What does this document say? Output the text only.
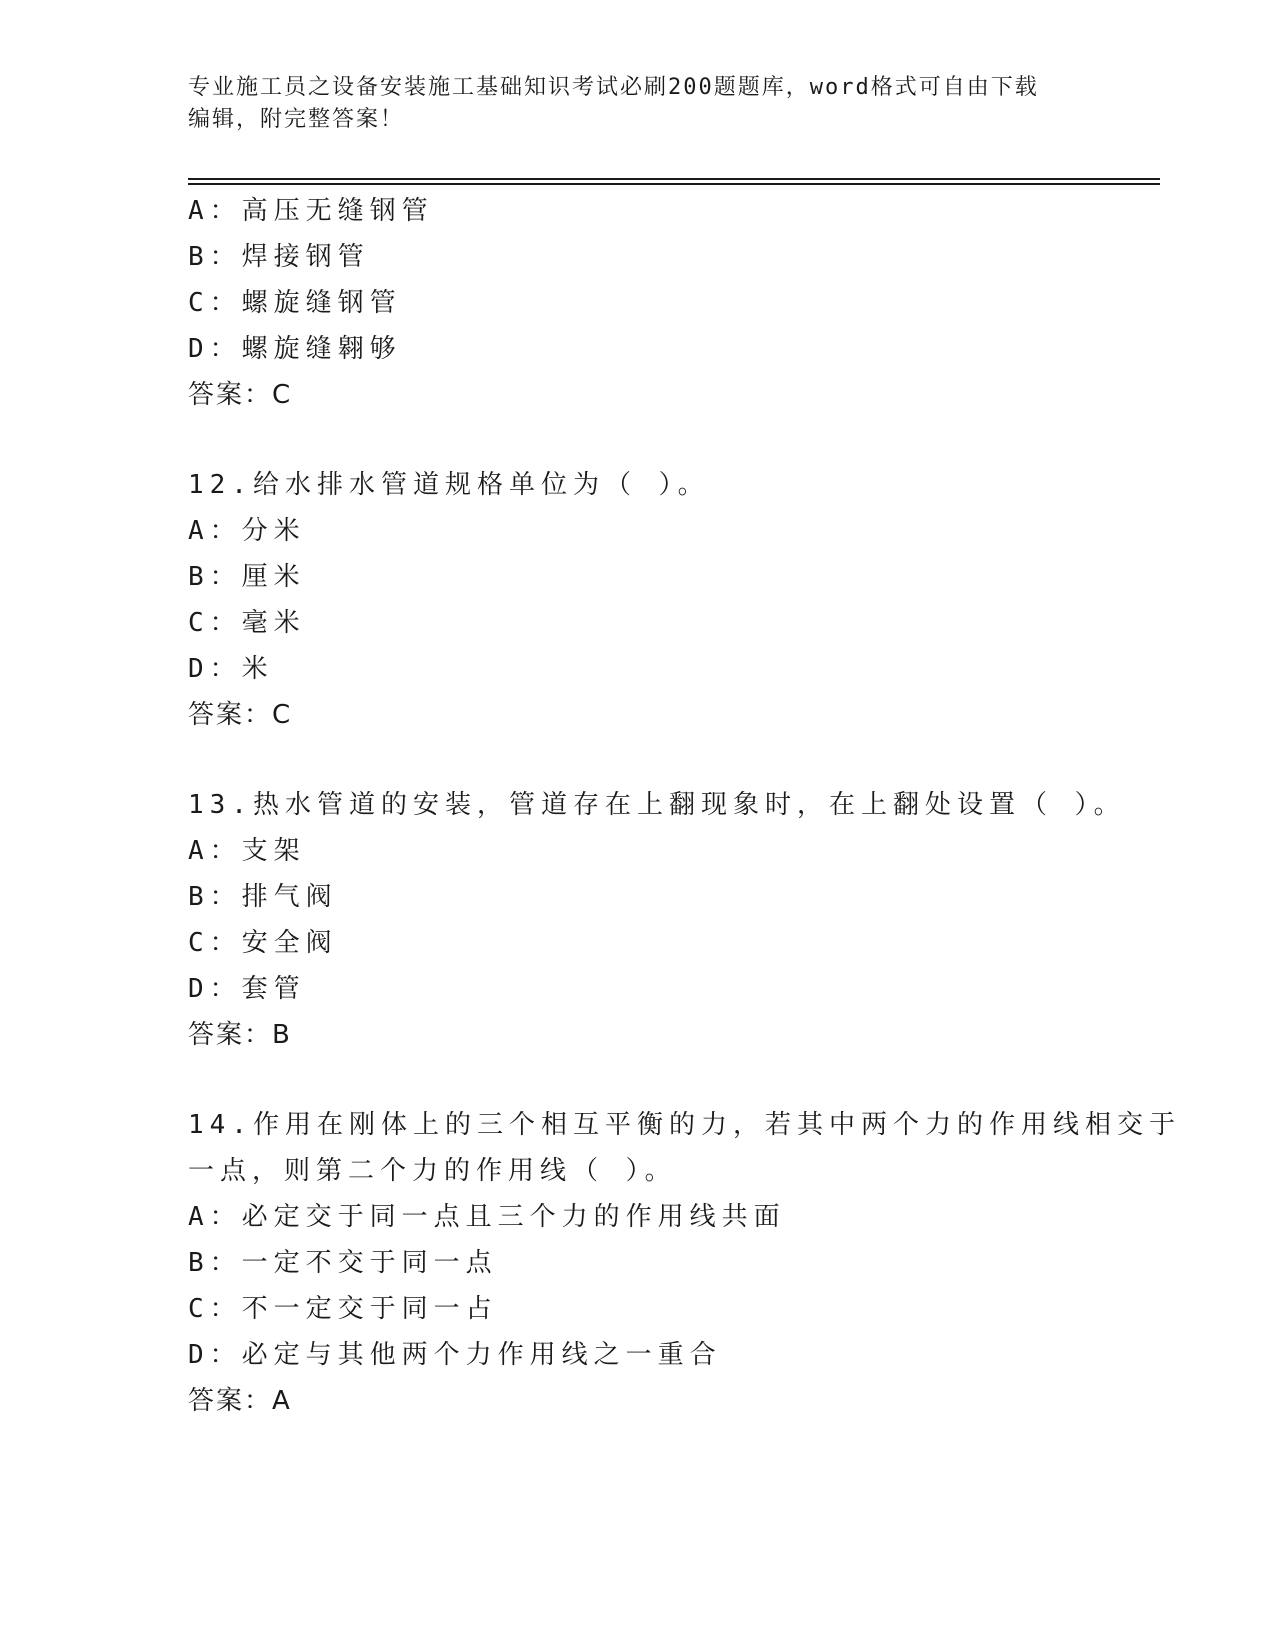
专业施工员之设备安装施工基础知识考试必刷200题题库，word格式可自由下载
编辑，附完整答案！
A：高压无缝钢管
B：焊接钢管
C：螺旋缝钢管
D：螺旋缝翱够
答案：C
12.给水排水管道规格单位为（ ）。
A：分米
B：厘米
C：毫米
D：米
答案：C
13.热水管道的安装，管道存在上翻现象时，在上翻处设置（ ）。
A：支架
B：排气阀
C：安全阀
D：套管
答案：B
14.作用在刚体上的三个相互平衡的力，若其中两个力的作用线相交于
一点，则第二个力的作用线（ ）。
A：必定交于同一点且三个力的作用线共面
B：一定不交于同一点
C：不一定交于同一占
D：必定与其他两个力作用线之一重合
答案：A
